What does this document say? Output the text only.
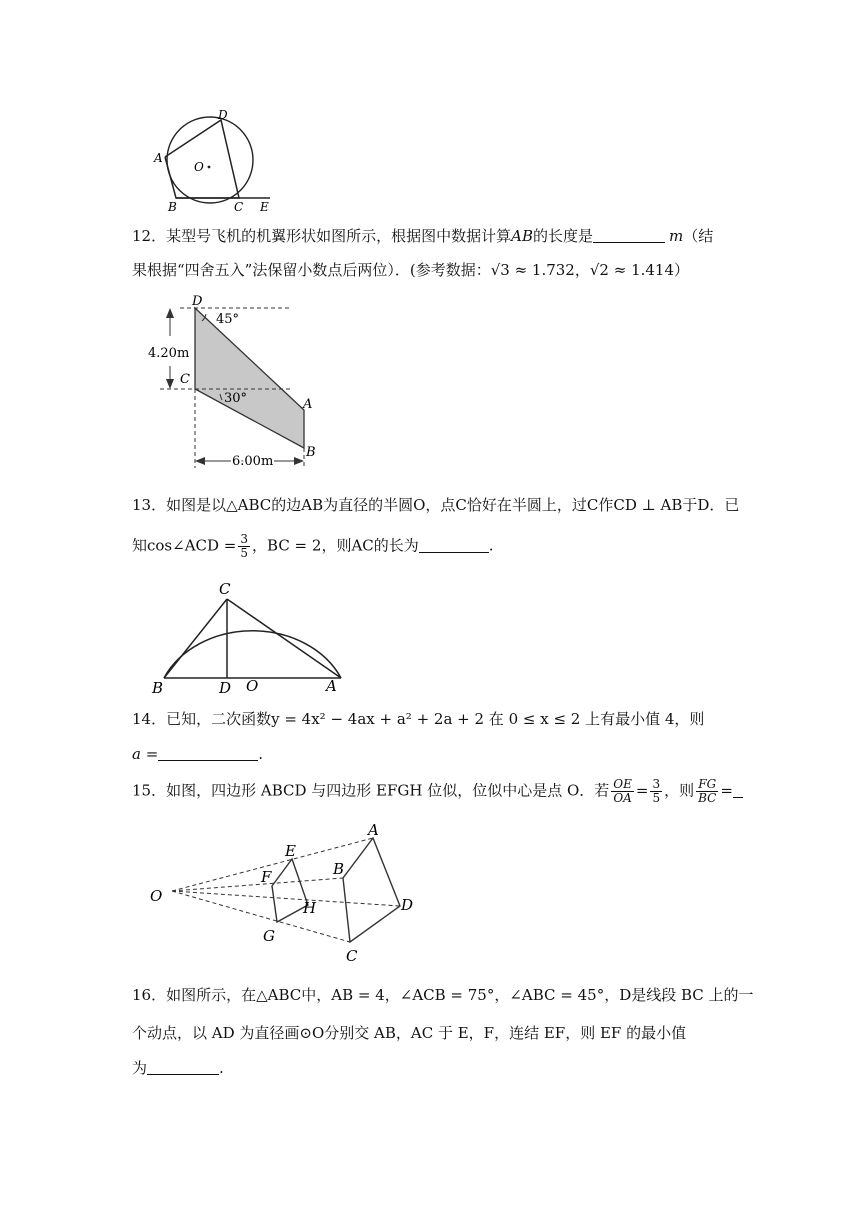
D
A
O
B	C E
12．某型号飞机的机翼形状如图所示，根据图中数据计算AB的长度是	m（结
果根据“四舍五入”法保留小数点后两位）．(参考数据：√3 ≈ 1.732，√2 ≈ 1.414）
D
45°
4.20m
C
30°	A
B
6.00m
13．如图是以△ABC的边AB为直径的半圆O，点C恰好在半圆上，过C作CD ⊥ AB于D．已
知cos∠ACD = $\frac{3}{5}$ ，BC = 2，则AC的长为	.
C
B	D O	A
14．已知，二次函数y = 4x² − 4ax + a² + 2a + 2 在 0 ≤ x ≤ 2 上有最小值 4，则
a =	.
15．如图，四边形 ABCD 与四边形 EFGH 位似，位似中心是点 O．若 $\frac{OE}{OA} = \frac{3}{5}$ ，则 $\frac{FG}{BC}$ =
O
A
E
B
F
H	D
G
C
16．如图所示，在△ABC中，AB = 4，∠ACB = 75°，∠ABC = 45°，D是线段 BC 上的一
个动点，以 AD 为直径画⊙O分别交 AB，AC 于 E，F，连结 EF，则 EF 的最小值
为	.
